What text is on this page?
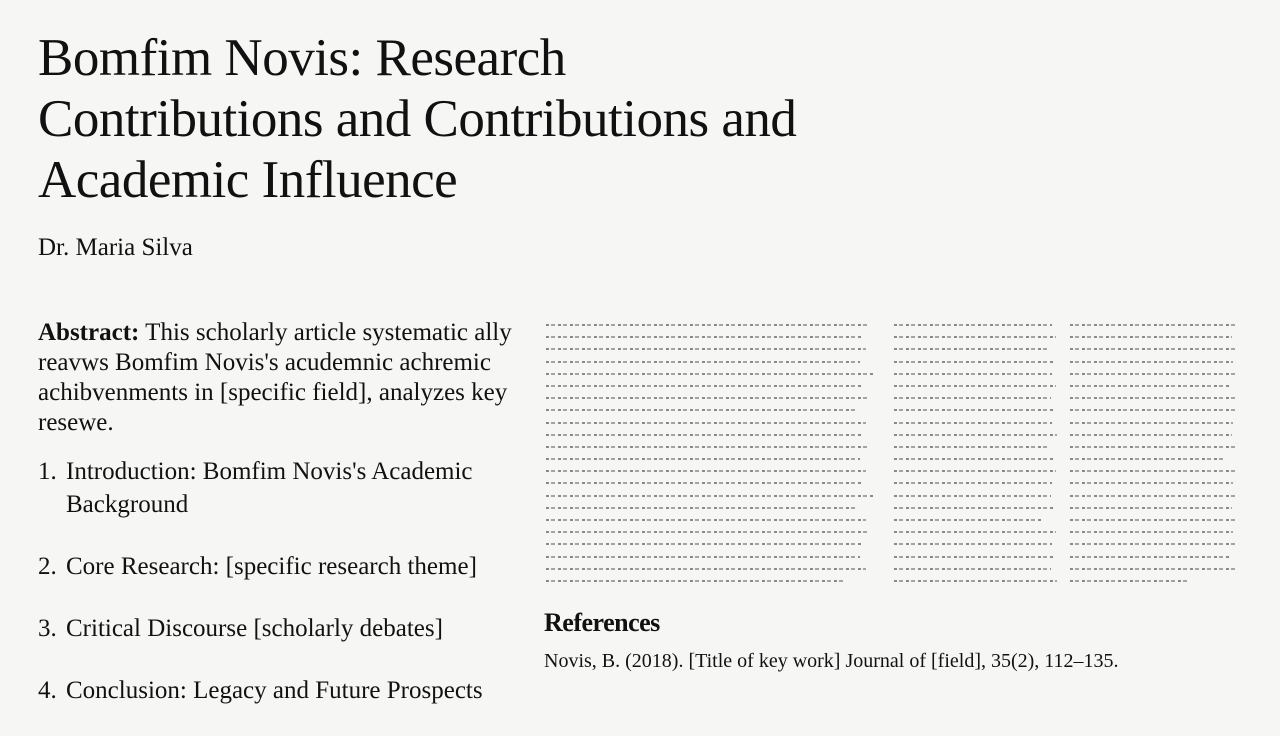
Bomfim Novis: Research
Contributions and Contributions and
Academic Influence

Dr. Maria Silva

Abstract: This scholarly article systematic ally reavws Bomfim Novis's acudemnic achremic achibvenments in [specific field], analyzes key resewe.

1. Introduction: Bomfim Novis's Academic Background
2. Core Research: [specific research theme]
3. Critical Discourse [scholarly debates]
4. Conclusion: Legacy and Future Prospects
References

Novis, B. (2018). [Title of key work] Journal of [field], 35(2), 112–135.
